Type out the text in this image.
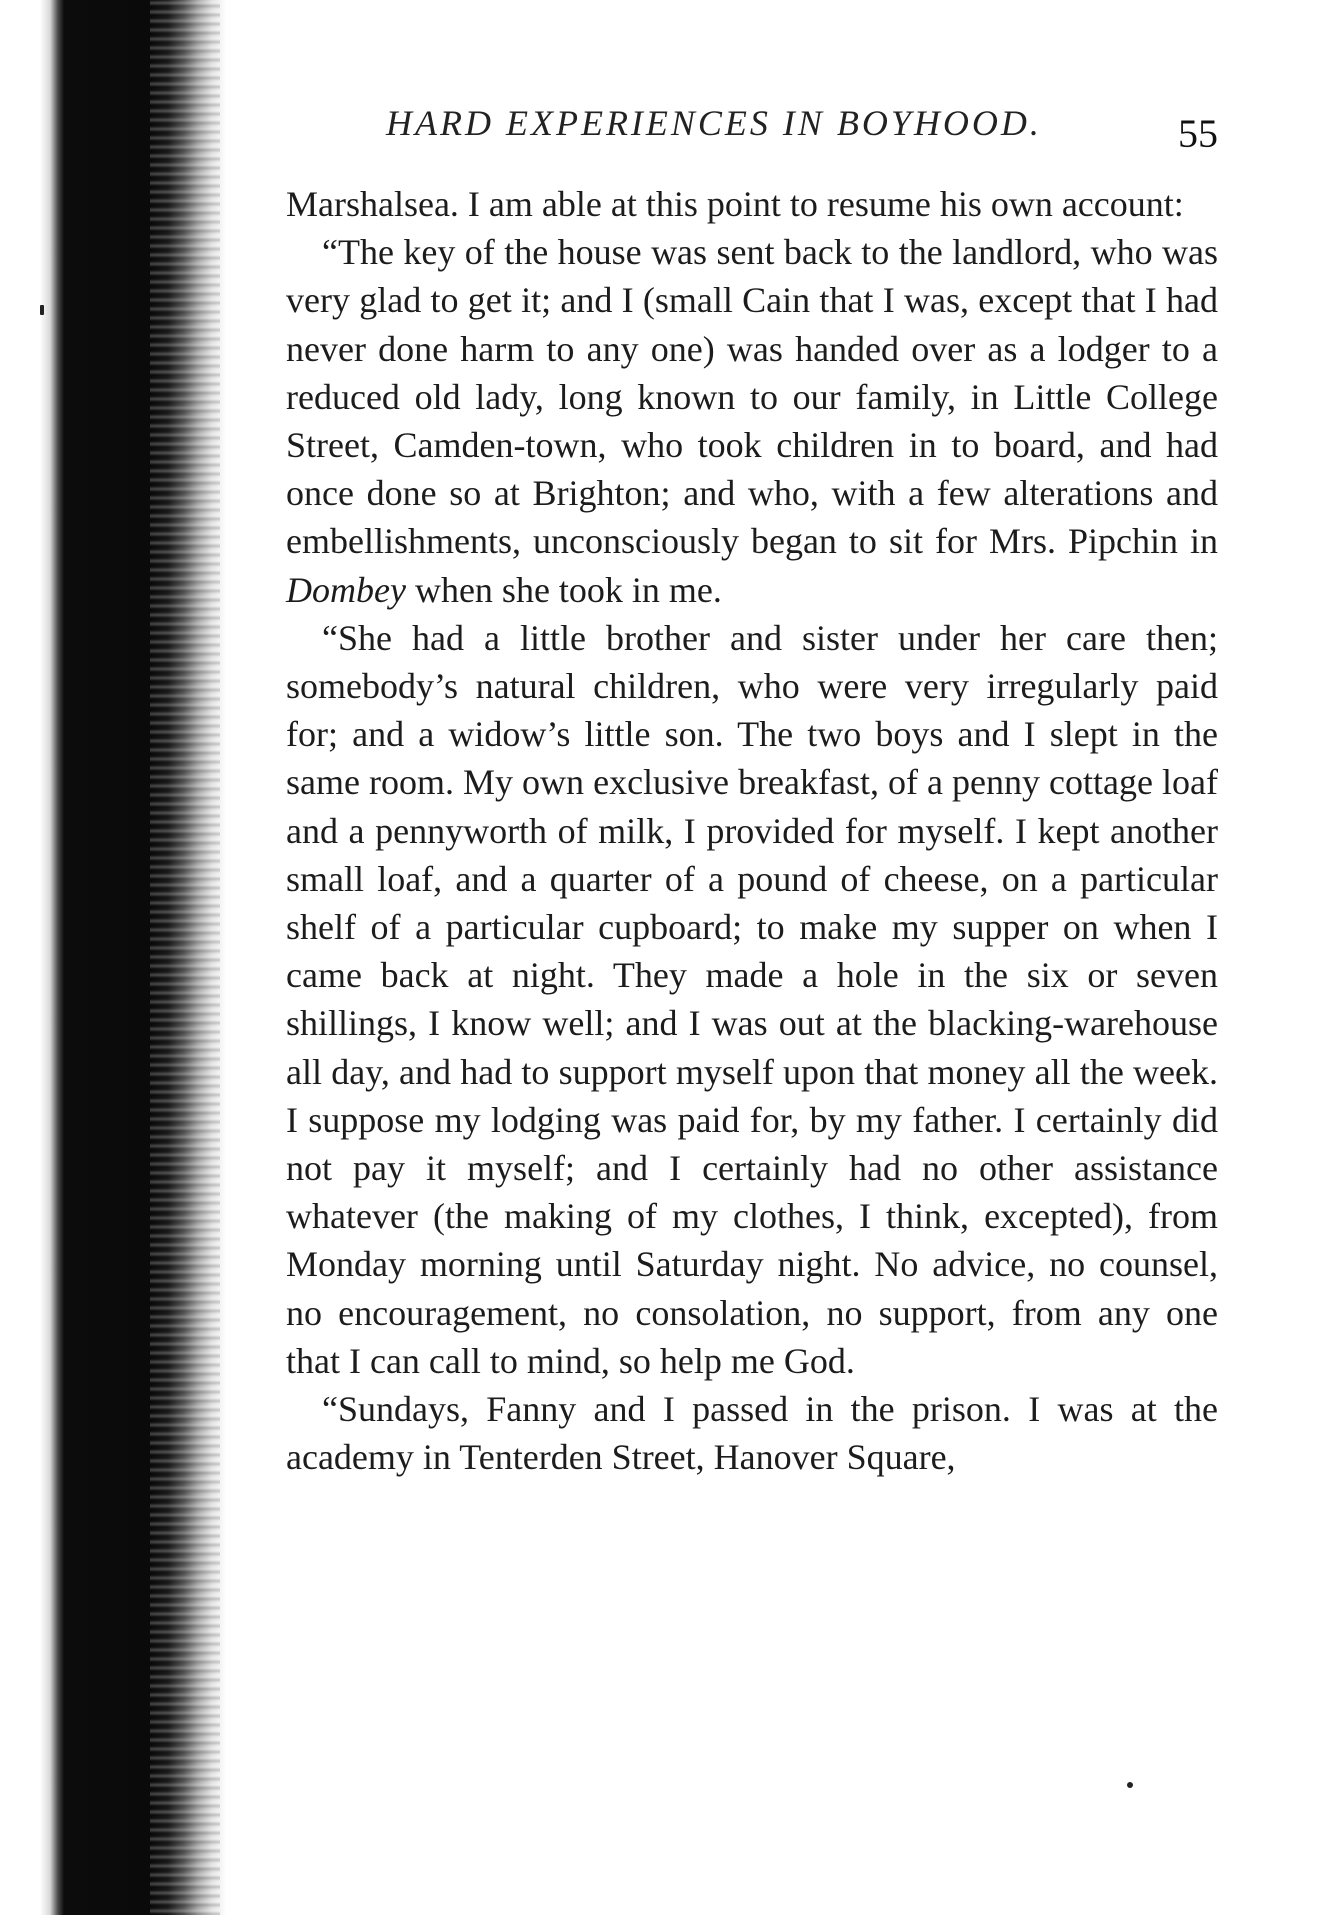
HARD EXPERIENCES IN BOYHOOD.	55

Marshalsea. I am able at this point to resume his own account:

“The key of the house was sent back to the landlord, who was very glad to get it; and I (small Cain that I was, except that I had never done harm to any one) was handed over as a lodger to a reduced old lady, long known to our family, in Little College Street, Camden-town, who took children in to board, and had once done so at Brighton; and who, with a few alterations and embellishments, unconsciously began to sit for Mrs. Pipchin in Dombey when she took in me.

“She had a little brother and sister under her care then; somebody’s natural children, who were very irregularly paid for; and a widow’s little son. The two boys and I slept in the same room. My own exclusive breakfast, of a penny cottage loaf and a pennyworth of milk, I provided for myself. I kept another small loaf, and a quarter of a pound of cheese, on a particular shelf of a particular cupboard; to make my supper on when I came back at night. They made a hole in the six or seven shillings, I know well; and I was out at the blacking-warehouse all day, and had to support myself upon that money all the week. I suppose my lodging was paid for, by my father. I certainly did not pay it myself; and I certainly had no other assistance whatever (the making of my clothes, I think, excepted), from Monday morning until Saturday night. No advice, no counsel, no encouragement, no consolation, no support, from any one that I can call to mind, so help me God.

“Sundays, Fanny and I passed in the prison. I was at the academy in Tenterden Street, Hanover Square,
